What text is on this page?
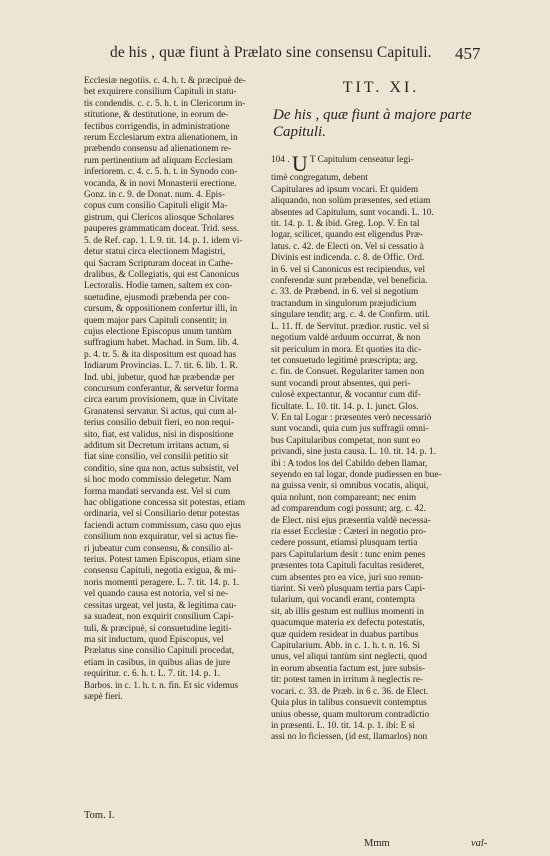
de his , quæ fiunt à Prælato sine consensu Capituli. 457
Ecclesiæ negotiis. c. 4. h. t. & præcipuè de-
bet exquirere consilium Capituli in statu-
tis condendis. c. c. 5. h. t. in Clericorum in-
stitutione, & destitutione, in eorum de-
fectibus corrigendis, in administratione
rerum Ecclesiarum extra alienationem, in
præbendo consensu ad alienationem re-
rum pertinentium ad aliquam Ecclesiam
inferiorem. c. 4. c. 5. h. t. in Synodo con-
vocanda, & in novi Monasterii erectione.
Gonz. in c. 9. de Donat. num. 4. Epis-
copus cum consilio Capituli eligit Ma-
gistrum, qui Clericos aliosque Scholares
pauperes grammaticam doceat. Trid. sess.
5. de Ref. cap. 1. L 9. tit. 14. p. 1. idem vi-
detur statui circa electionem Magistri,
qui Sacram Scripturam doceat in Cathe-
dralibus, & Collegiatis, qui est Canonicus
Lectoralis. Hodie tamen, saltem ex con-
suetudine, ejusmodi præbenda per con-
cursum, & oppositionem confertur illi, in
quem major pars Capituli consentit; in
cujus electione Episcopus unum tantùm
suffragium habet. Machad. in Sum. lib. 4.
p. 4. tr. 5. & ita dispositum est quoad has
Indiarum Provincias. L. 7. tit. 6. lib. 1. R.
Ind. ubi, jubetur, quod hæ præbendæ per
concursum conferantur, & servetur forma
circa earum provisionem, quæ in Civitate
Granatensi servatur. Si actus, qui cum al-
terius consilio debuit fieri, eo non requi-
sito, fiat, est validus, nisi in dispositione
additum sit Decretum irritans actum, si
fiat sine consilio, vel consilii petitio sit
conditio, sine qua non, actus subsistit, vel
si hoc modo commissio delegetur. Nam
forma mandati servanda est. Vel si cum
hac obligatione concessa sit potestas, etiam
ordinaria, vel si Consiliario detur potestas
faciendi actum commissum, casu quo ejus
consilium non exquiratur, vel si actus fie-
ri jubeatur cum consensu, & consilio al-
terius. Potest tamen Episcopus, etiam sine
consensu Capituli, negotia exigua, & mi-
noris momenti peragere. L. 7. tit. 14. p. 1.
vel quando causa est notoria, vel si ne-
cessitas urgeat, vel justa, & legitima cau-
sa suadeat, non exquirit consilium Capi-
tuli, & præcipuè, si consuetudine legiti-
ma sit inductum, quod Episcopus, vel
Prælatus sine consilio Capituli procedat,
etiam in casibus, in quibus alias de jure
requiritur. c. 6. h. t. L. 7. tit. 14. p. 1.
Barbos. in c. 1. h. t. n. fin. Et sic videmus
sæpè fieri.
TIT. XI.
De his , quæ fiunt à majore parte
Capituli.
104 . U T Capitulum censeatur legi-
timè congregatum, debent
Capitulares ad ipsum vocari. Et quidem
aliquando, non solùm præsentes, sed etiam
absentes ad Capitulum, sunt vocandi. L. 10.
tit. 14. p. 1. & ibid. Greg. Lop. V. En tal
logar, scilicet, quando est eligendus Præ-
latus. c. 42. de Electi on. Vel si cessatio à
Divinis est indicenda. c. 8. de Offic. Ord.
in 6. vel si Canonicus est recipiendus, vel
conferendæ sunt præbendæ, vel beneficia.
c. 33. de Præbend. in 6. vel si negotium
tractandum in singulorum præjudicium
singulare tendit; arg. c. 4. de Confirm. util.
L. 11. ff. de Servitut. prædior. rustic. vel si
negotium valdè arduum occurrat, & non
sit periculum in mora. Et quoties ita dic-
tet consuetudo legitimè præscripta; arg.
c. fin. de Consuet. Regulariter tamen non
sunt vocandi prout absentes, qui peri-
culosè expectantur, & vocantur cum dif-
ficultate. L. 10. tit. 14. p. 1. junct. Glos.
V. En tal Logar : præsentes verò necessariò
sunt vocandi, quia cum jus suffragii omni-
bus Capitularibus competat, non sunt eo
privandi, sine justa causa. L. 10. tit. 14. p. 1.
ibi : A todos los del Cabildo deben llamar,
seyendo en tal logar, donde pudiessen en bue-
na guissa venir, si omnibus vocatis, aliqui,
quia nolunt, non compareant; nec enim
ad comparendum cogi possunt; arg. c. 42.
de Elect. nisi ejus præsentia valdè necessa-
ria esset Ecclesiæ : Cæteri in negotio pro-
cedere possunt, etiamsi plusquam tertia
pars Capitularium desit : tunc enim penes
præsentes tota Capituli facultas resideret,
cum absentes pro ea vice, juri suo renun-
tiarint. Si verò plusquam tertia pars Capi-
tularium, qui vocandi erant, contempta
sit, ab illis gestum est nullius momenti in
quacumque materia ex defectu potestatis,
quæ quidem resideat in duabus partibus
Capitularium. Abb. in c. 1. h. t. n. 16. Si
unus, vel aliqui tantùm sint neglecti, quod
in eorum absentia factum est, jure subsis-
tit: potest tamen in irritum à neglectis re-
vocari. c. 33. de Præb. in 6 c. 36. de Elect.
Quia plus in talibus consuevit contemptus
unius obesse, quam multorum contradictio
in præsenti. L. 10. tit. 14. p. 1. ibi: E si
assi no lo ficiessen, (id est, llamarlos) non
Tom. I.
Mmm	val-
